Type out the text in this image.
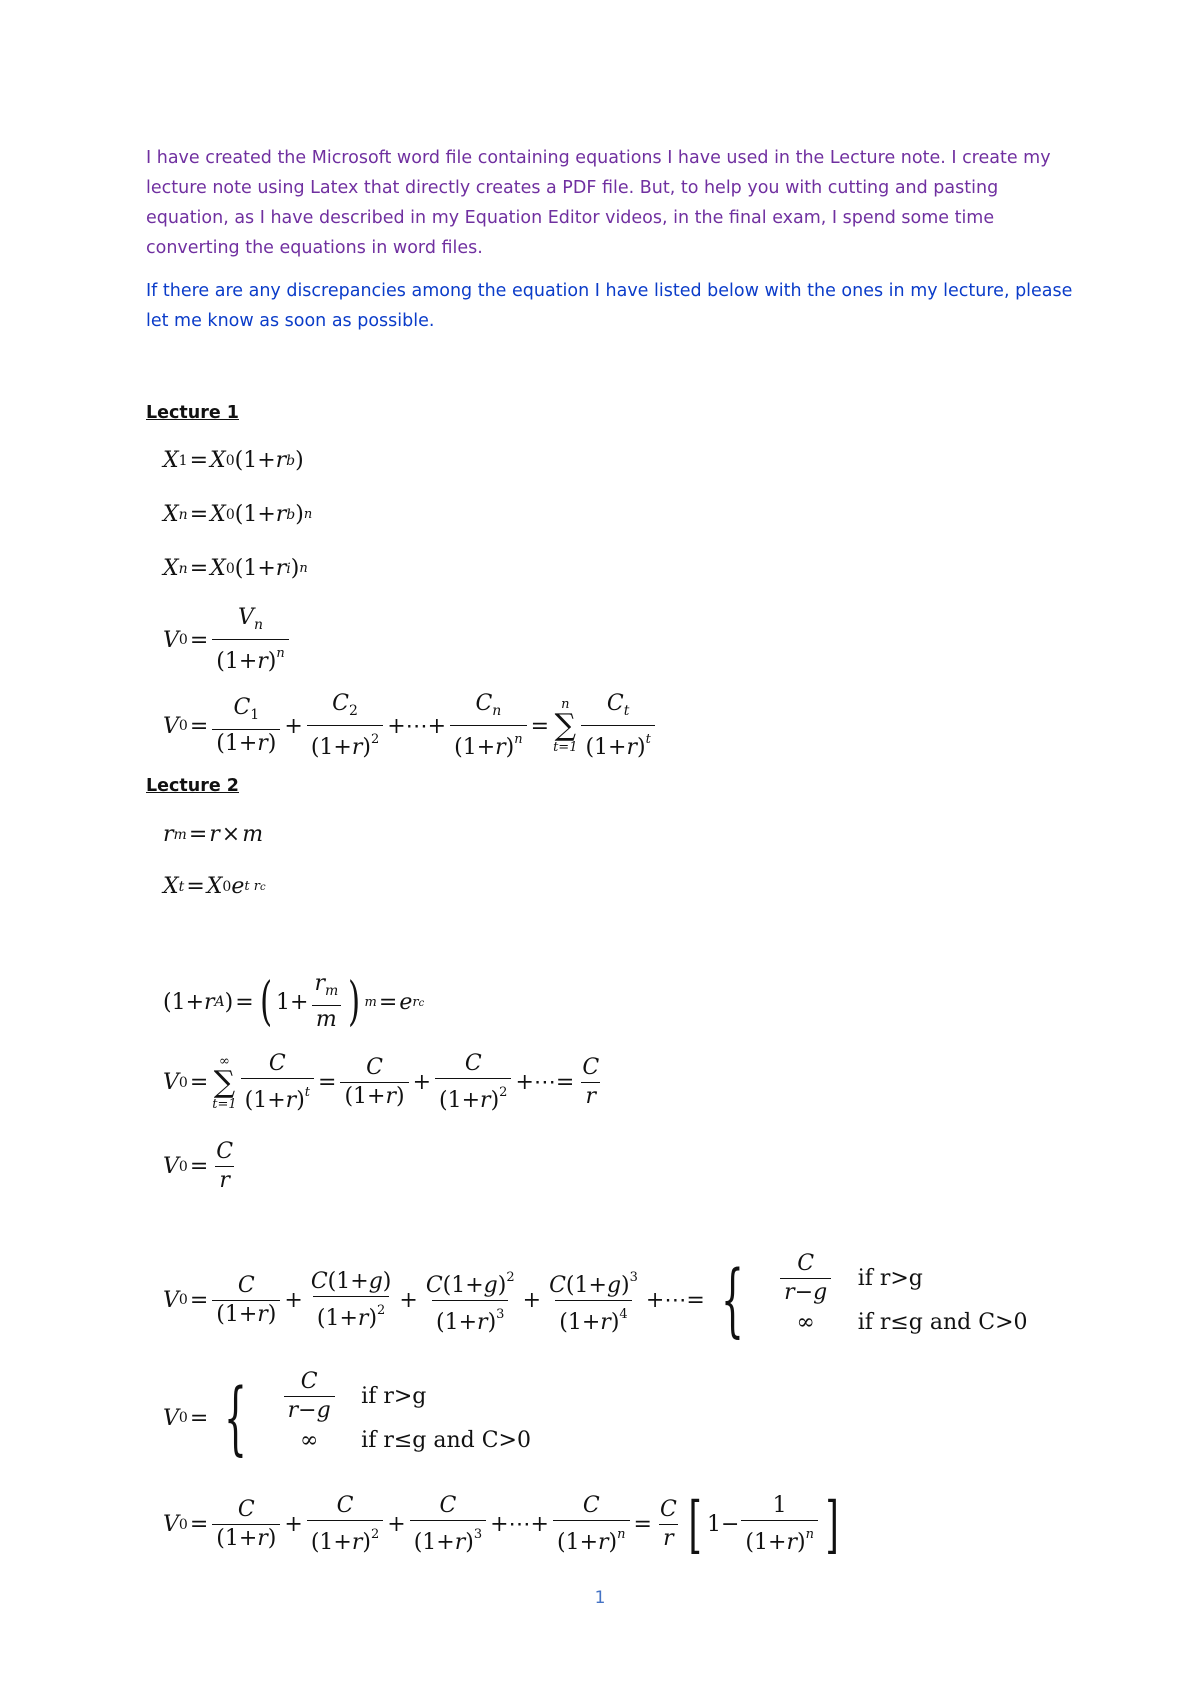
I have created the Microsoft word file containing equations I have used in the Lecture note. I create my lecture note using Latex that directly creates a PDF file. But, to help you with cutting and pasting equation, as I have described in my Equation Editor videos, in the final exam, I spend some time converting the equations in word files.
If there are any discrepancies among the equation I have listed below with the ones in my lecture, please let me know as soon as possible.
Lecture 1
X 1 = X 0 (1+ r b )
X n = X 0 (1+ r b ) n
X n = X 0 (1+ r i ) n
V $0 = \frac{V_n}{(1+r)^n}$
V $0 = \frac{C_1}{(1+r)} + \frac{C_2}{(1+r)^2}$ +⋯+ $\frac{C_n}{(1+r)^n}$ =
n
∑
$t=1 \frac{C_t}{(1+r)^t}$
Lecture 2
r m = r × m
X t = X 0 e t rc
(1+ r A ) = ( $1+ \frac{r_m}{m}$ ) m = e rc
V 0 =
∞
∑
$t=1 \frac{C}{(1+r)^t} = \frac{C}{(1+r)} + \frac{C}{(1+r)^2}$ +⋯= $\frac{C}{r}$
V $0 = \frac{C}{r}$
V $0 = \frac{C}{(1+r)} + \frac{C(1+g)}{(1+r)^2} + \frac{C(1+g)^2}{(1+r)^3} + \frac{C(1+g)^3}{(1+r)^4}$ +⋯= { $\frac{C}{r-g}$ if r>g
∞	if r≤g and C>0
V 0 = { $\frac{C}{r-g}$ if r>g
∞	if r≤g and C>0
V $0 = \frac{C}{(1+r)} + \frac{C}{(1+r)^2} + \frac{C}{(1+r)^3}$ +⋯+ $\frac{C}{(1+r)^n} = \frac{C}{r}$ [ $1- \frac{1}{(1+r)^n}$ ]
1
